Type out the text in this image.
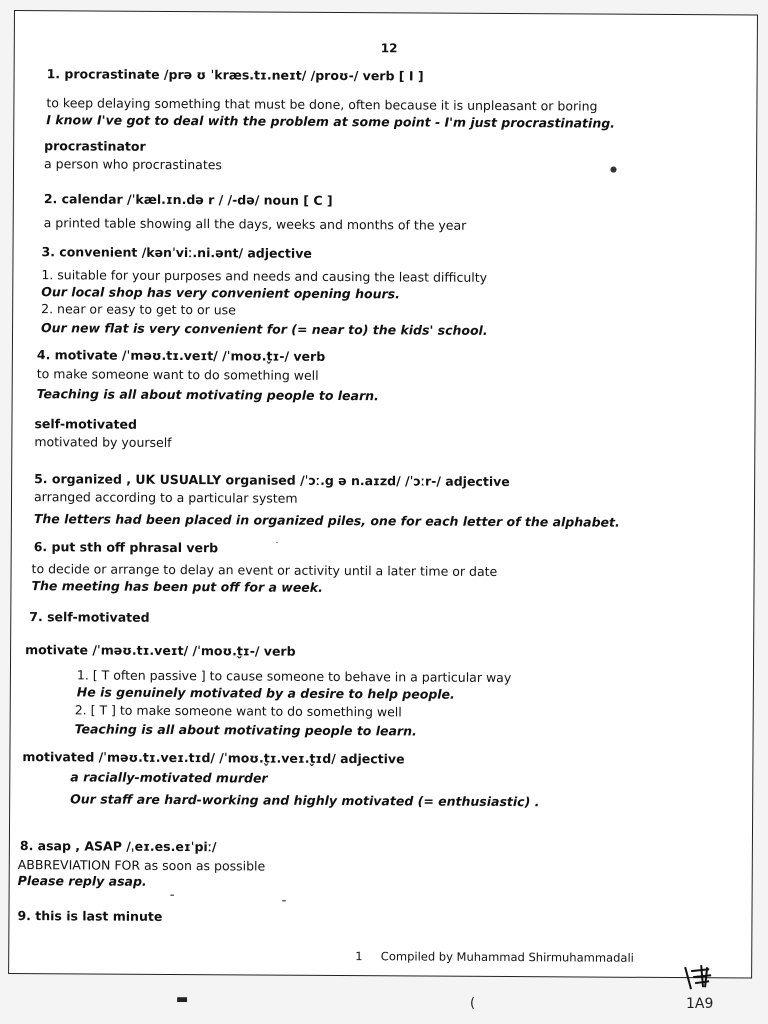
12
1. procrastinate /prə ʊ ˈkræs.tɪ.neɪt/ /proʊ-/ verb [ I ]
to keep delaying something that must be done, often because it is unpleasant or boring
I know I've got to deal with the problem at some point - I'm just procrastinating.
procrastinator
a person who procrastinates
2. calendar /ˈkæl.ɪn.də r / /-də/ noun [ C ]
a printed table showing all the days, weeks and months of the year
3. convenient /kənˈviː.ni.ənt/ adjective
1. suitable for your purposes and needs and causing the least difficulty
Our local shop has very convenient opening hours.
2. near or easy to get to or use
Our new flat is very convenient for (= near to) the kids' school.
4. motivate /ˈməʊ.tɪ.veɪt/ /ˈmoʊ.t̬ɪ-/ verb
to make someone want to do something well
Teaching is all about motivating people to learn.
self-motivated
motivated by yourself
5. organized , UK USUALLY organised /ˈɔː.g ə n.aɪzd/ /ˈɔːr-/ adjective
arranged according to a particular system
The letters had been placed in organized piles, one for each letter of the alphabet.
6. put sth off phrasal verb
to decide or arrange to delay an event or activity until a later time or date
The meeting has been put off for a week.
7. self-motivated
motivate /ˈməʊ.tɪ.veɪt/ /ˈmoʊ.t̬ɪ-/ verb
1. [ T often passive ] to cause someone to behave in a particular way
He is genuinely motivated by a desire to help people.
2. [ T ] to make someone want to do something well
Teaching is all about motivating people to learn.
motivated /ˈməʊ.tɪ.veɪ.tɪd/ /ˈmoʊ.t̬ɪ.veɪ.t̬ɪd/ adjective
a racially-motivated murder
Our staff are hard-working and highly motivated (= enthusiastic) .
8. asap , ASAP /ˌeɪ.es.eɪˈpiː/
ABBREVIATION FOR as soon as possible
Please reply asap.
9. this is last minute
1 Compiled by Muhammad Shirmuhammadali
●
-
-	-
▬	(	1A9
